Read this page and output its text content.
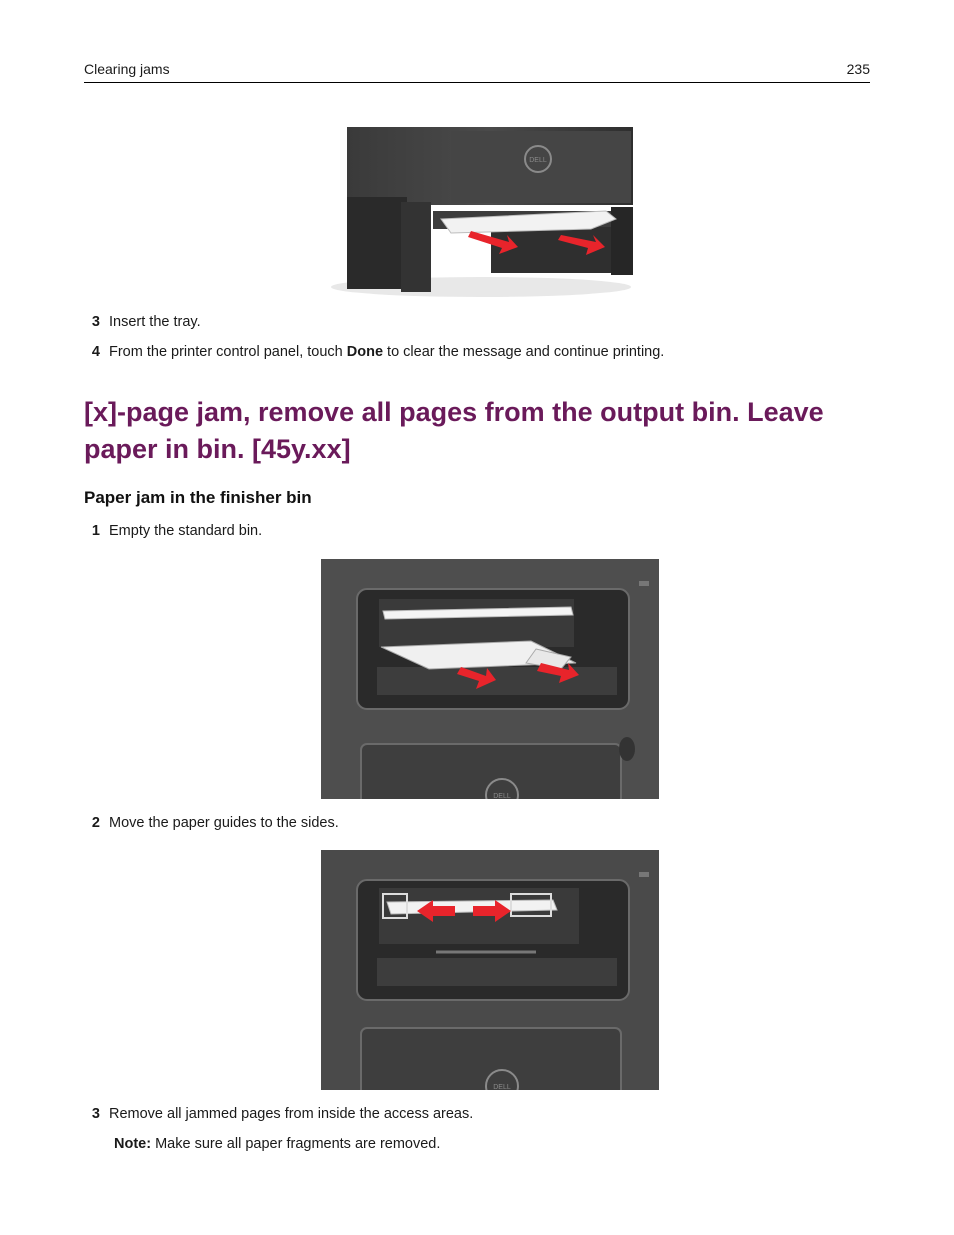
Clearing jams	235
DELL
3 Insert the tray.
4 From the printer control panel, touch Done to clear the message and continue printing.
[x]-page jam, remove all pages from the output bin. Leave paper in bin. [45y.xx]
Paper jam in the finisher bin
1 Empty the standard bin.
DELL
2 Move the paper guides to the sides.
DELL
3 Remove all jammed pages from inside the access areas.
Note: Make sure all paper fragments are removed.
